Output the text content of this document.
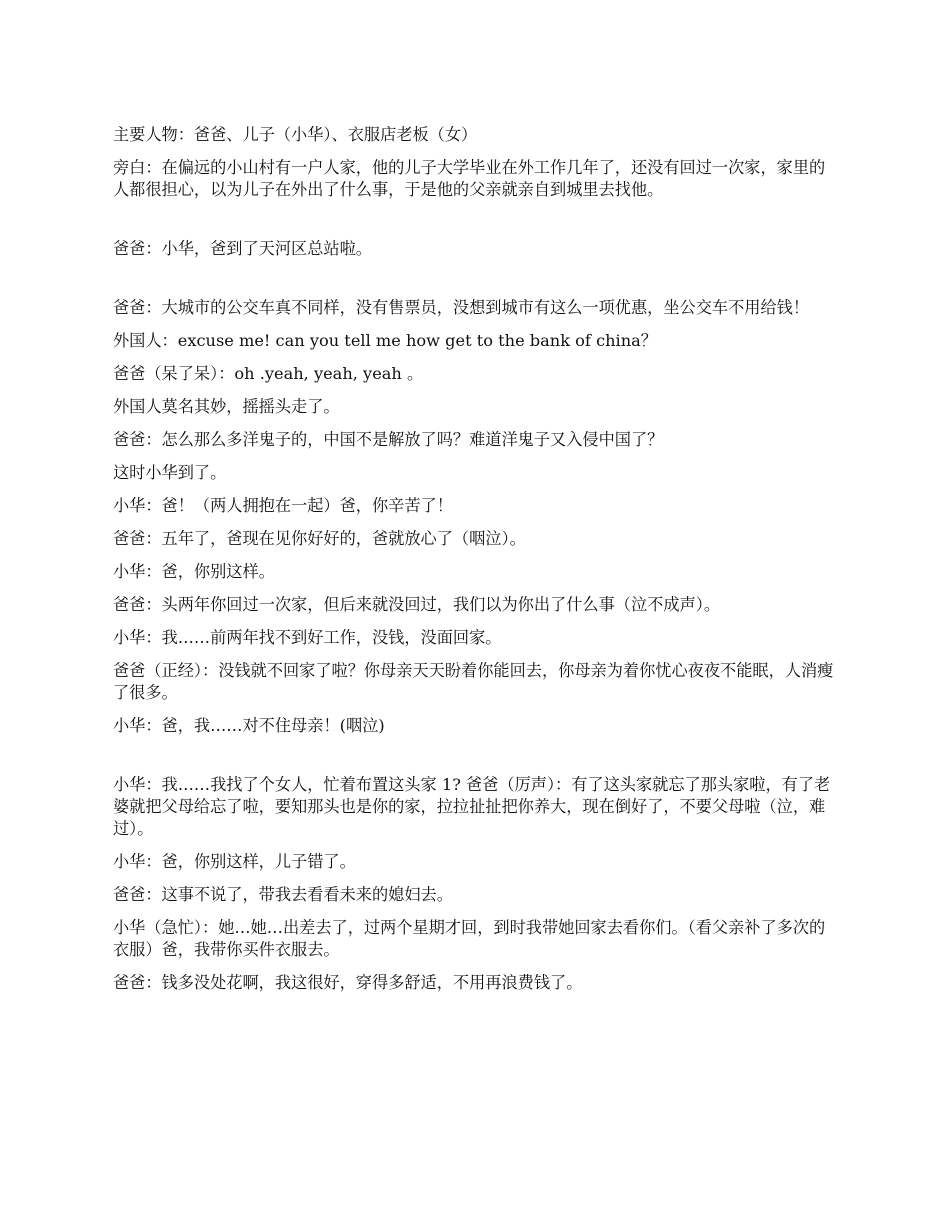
主要人物：爸爸、儿子（小华）、衣服店老板（女）

旁白：在偏远的小山村有一户人家，他的儿子大学毕业在外工作几年了，还没有回过一次家，家里的人都很担心，以为儿子在外出了什么事，于是他的父亲就亲自到城里去找他。

爸爸：小华，爸到了天河区总站啦。

爸爸：大城市的公交车真不同样，没有售票员，没想到城市有这么一项优惠，坐公交车不用给钱！

外国人：excuse me! can you tell me how get to the bank of china？

爸爸（呆了呆）：oh .yeah, yeah, yeah 。

外国人莫名其妙，摇摇头走了。

爸爸：怎么那么多洋鬼子的，中国不是解放了吗？难道洋鬼子又入侵中国了？

这时小华到了。

小华：爸！（两人拥抱在一起）爸，你辛苦了！

爸爸：五年了，爸现在见你好好的，爸就放心了（咽泣）。

小华：爸，你别这样。

爸爸：头两年你回过一次家，但后来就没回过，我们以为你出了什么事（泣不成声）。

小华：我……前两年找不到好工作，没钱，没面回家。

爸爸（正经）：没钱就不回家了啦？你母亲天天盼着你能回去，你母亲为着你忧心夜夜不能眠，人消瘦了很多。

小华：爸，我……对不住母亲！(咽泣)

小华：我……我找了个女人，忙着布置这头家 1? 爸爸（厉声）：有了这头家就忘了那头家啦，有了老婆就把父母给忘了啦，要知那头也是你的家，拉拉扯扯把你养大，现在倒好了，不要父母啦（泣，难过）。

小华：爸，你别这样，儿子错了。

爸爸：这事不说了，带我去看看未来的媳妇去。

小华（急忙）：她…她…出差去了，过两个星期才回，到时我带她回家去看你们。（看父亲补了多次的衣服）爸，我带你买件衣服去。

爸爸：钱多没处花啊，我这很好，穿得多舒适，不用再浪费钱了。
